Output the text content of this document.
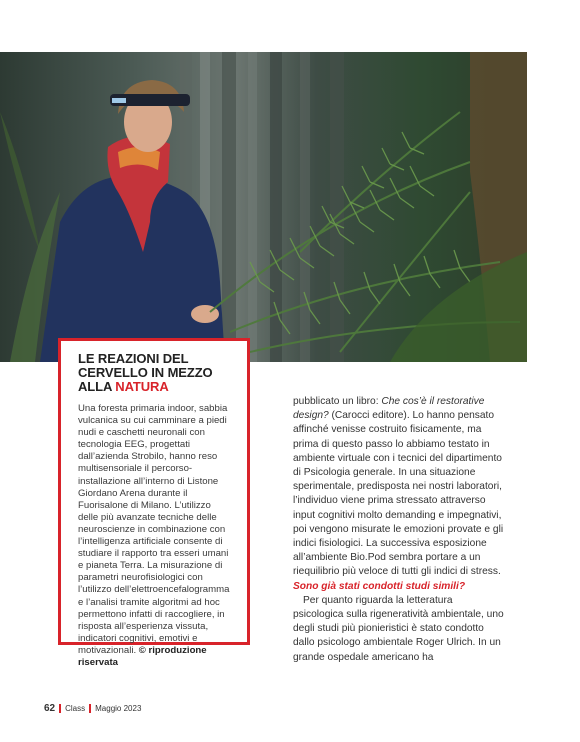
LE REAZIONI DEL CERVELLO IN MEZZO ALLA NATURA

Una foresta primaria indoor, sabbia vulcanica su cui camminare a piedi nudi e caschetti neuronali con tecnologia EEG, progettati dall’azienda Strobilo, hanno reso multisensoriale il percorso-installazione all’interno di Listone Giordano Arena durante il Fuorisalone di Milano. L’utilizzo delle più avanzate tecniche delle neuroscienze in combinazione con l’intelligenza artificiale consente di studiare il rapporto tra esseri umani e pianeta Terra. La misurazione di parametri neurofisiologici con l’utilizzo dell’elettroencefalogramma e l’analisi tramite algoritmi ad hoc permettono infatti di raccogliere, in risposta all’esperienza vissuta, indicatori cognitivi, emotivi e motivazionali. © riproduzione riservata

pubblicato un libro: Che cos’è il restorative design? (Carocci editore). Lo hanno pensato affinché venisse costruito fisicamente, ma prima di questo passo lo abbiamo testato in ambiente virtuale con i tecnici del dipartimento di Psicologia generale. In una situazione sperimentale, predisposta nei nostri laboratori, l’individuo viene prima stressato attraverso input cognitivi molto demanding e impegnativi, poi vengono misurate le emozioni provate e gli indici fisiologici. La successiva esposizione all’ambiente Bio.Pod sembra portare a un riequilibrio più veloce di tutti gli indici di stress.

Sono già stati condotti studi simili?

Per quanto riguarda la letteratura psicologica sulla rigeneratività ambientale, uno degli studi più pionieristici è stato condotto dallo psicologo ambientale Roger Ulrich. In un grande ospedale americano ha

62 Class Maggio 2023
